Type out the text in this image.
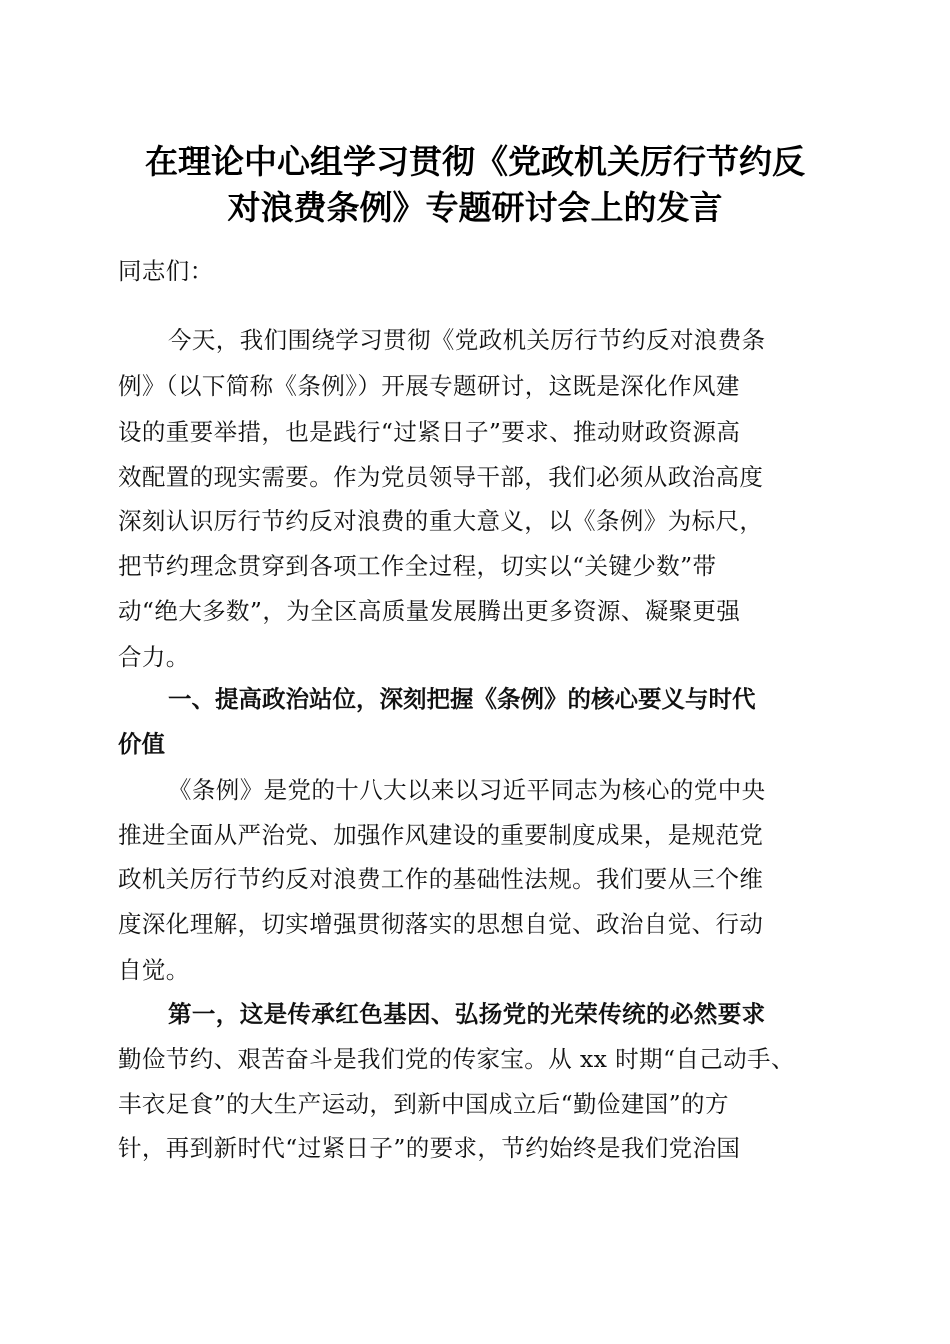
在理论中心组学习贯彻《党政机关厉行节约反
对浪费条例》专题研讨会上的发言
同志们：
今天，我们围绕学习贯彻《党政机关厉行节约反对浪费条
例》（以下简称《条例》）开展专题研讨，这既是深化作风建
设的重要举措，也是践行“过紧日子”要求、推动财政资源高
效配置的现实需要。作为党员领导干部，我们必须从政治高度
深刻认识厉行节约反对浪费的重大意义，以《条例》为标尺，
把节约理念贯穿到各项工作全过程，切实以“关键少数”带
动“绝大多数”，为全区高质量发展腾出更多资源、凝聚更强
合力。
一、提高政治站位，深刻把握《条例》的核心要义与时代
价值
《条例》是党的十八大以来以习近平同志为核心的党中央
推进全面从严治党、加强作风建设的重要制度成果，是规范党
政机关厉行节约反对浪费工作的基础性法规。我们要从三个维
度深化理解，切实增强贯彻落实的思想自觉、政治自觉、行动
自觉。
第一，这是传承红色基因、弘扬党的光荣传统的必然要求
勤俭节约、艰苦奋斗是我们党的传家宝。从 xx 时期“自己动手、
丰衣足食”的大生产运动，到新中国成立后“勤俭建国”的方
针，再到新时代“过紧日子”的要求，节约始终是我们党治国
